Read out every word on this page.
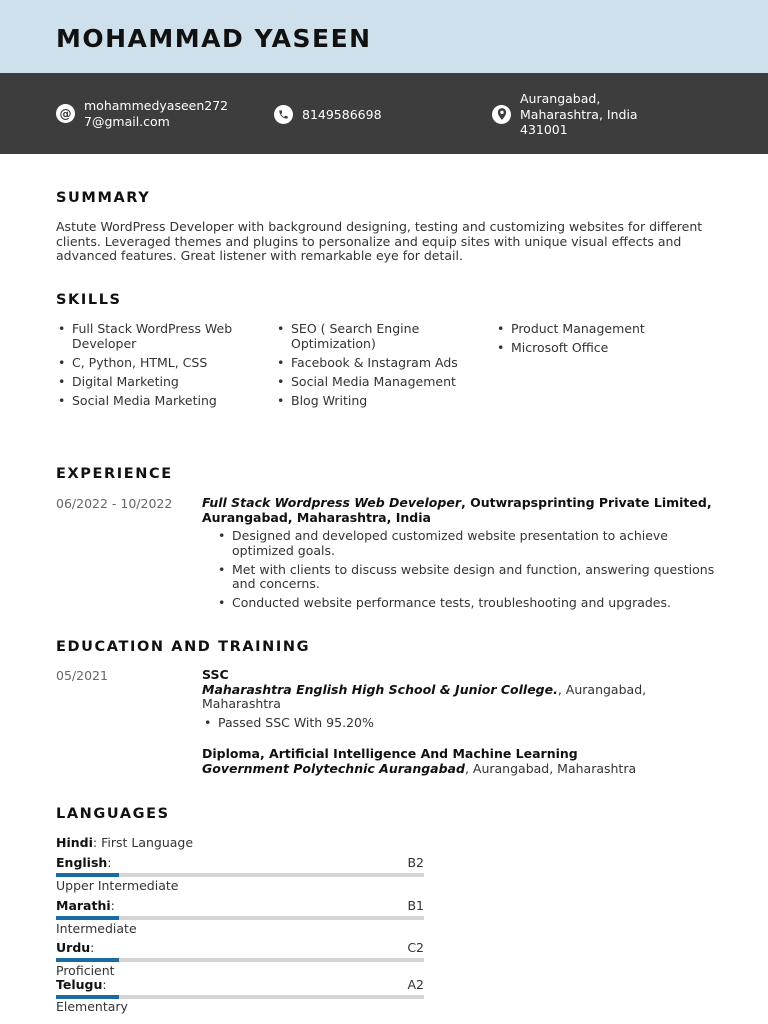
MOHAMMAD YASEEN
@
mohammedyaseen272
7@gmail.com	8149586698
Aurangabad,
Maharashtra, India
431001
SUMMARY
Astute WordPress Developer with background designing, testing and customizing websites for different clients. Leveraged themes and plugins to personalize and equip sites with unique visual effects and advanced features. Great listener with remarkable eye for detail.
SKILLS
• Full Stack WordPress Web Developer
• C, Python, HTML, CSS
• Digital Marketing
• Social Media Marketing
• SEO ( Search Engine Optimization)
• Facebook & Instagram Ads
• Social Media Management
• Blog Writing
• Product Management
• Microsoft Office
EXPERIENCE
06/2022 - 10/2022 Full Stack Wordpress Web Developer, Outwrapsprinting Private Limited, Aurangabad, Maharashtra, India
• Designed and developed customized website presentation to achieve optimized goals.
• Met with clients to discuss website design and function, answering questions and concerns.
• Conducted website performance tests, troubleshooting and upgrades.
EDUCATION AND TRAINING
05/2021	SSC
Maharashtra English High School & Junior College., Aurangabad, Maharashtra
• Passed SSC With 95.20%
Diploma, Artificial Intelligence And Machine Learning
Government Polytechnic Aurangabad, Aurangabad, Maharashtra
LANGUAGES
Hindi: First Language
English:	B2
Upper Intermediate
Marathi:	B1
Intermediate
Urdu:	C2
Proficient
Telugu:	A2
Elementary
